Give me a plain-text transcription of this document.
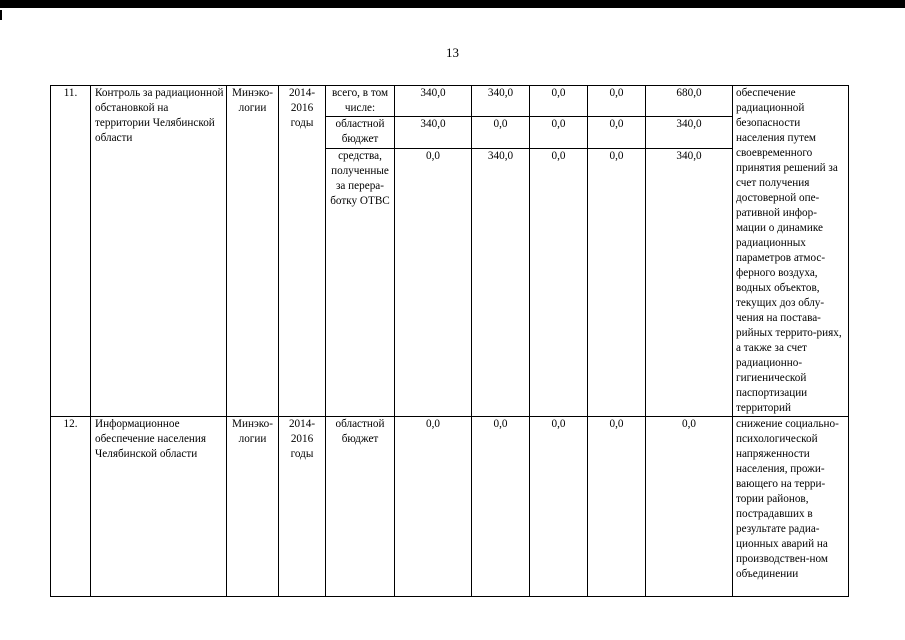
13
11.	Контроль за радиационной обстановкой на территории Челябинской области	Минэко-логии	2014-2016 годы	всего, в том числе:	340,0	340,0	0,0	0,0	680,0	обеспечение радиационной безопасности населения путем своевременного принятия решений за счет получения достоверной опе-ративной инфор-мации о динамике радиационных параметров атмос-ферного воздуха, водных объектов, текущих доз облу-чения на постава-рийных террито-риях, а также за счет радиационно-гигиенической паспортизации территорий
				областной бюджет	340,0	0,0	0,0	0,0	340,0	
				средства, полученные за перера-ботку ОТВС	0,0	340,0	0,0	0,0	340,0	
12.	Информационное обеспечение населения Челябинской области	Минэко-логии	2014-2016 годы	областной бюджет	0,0	0,0	0,0	0,0	0,0	снижение социально-психологической напряженности населения, прожи-вающего на терри-тории районов, пострадавших в результате радиа-ционных аварий на производствен-ном объединении
